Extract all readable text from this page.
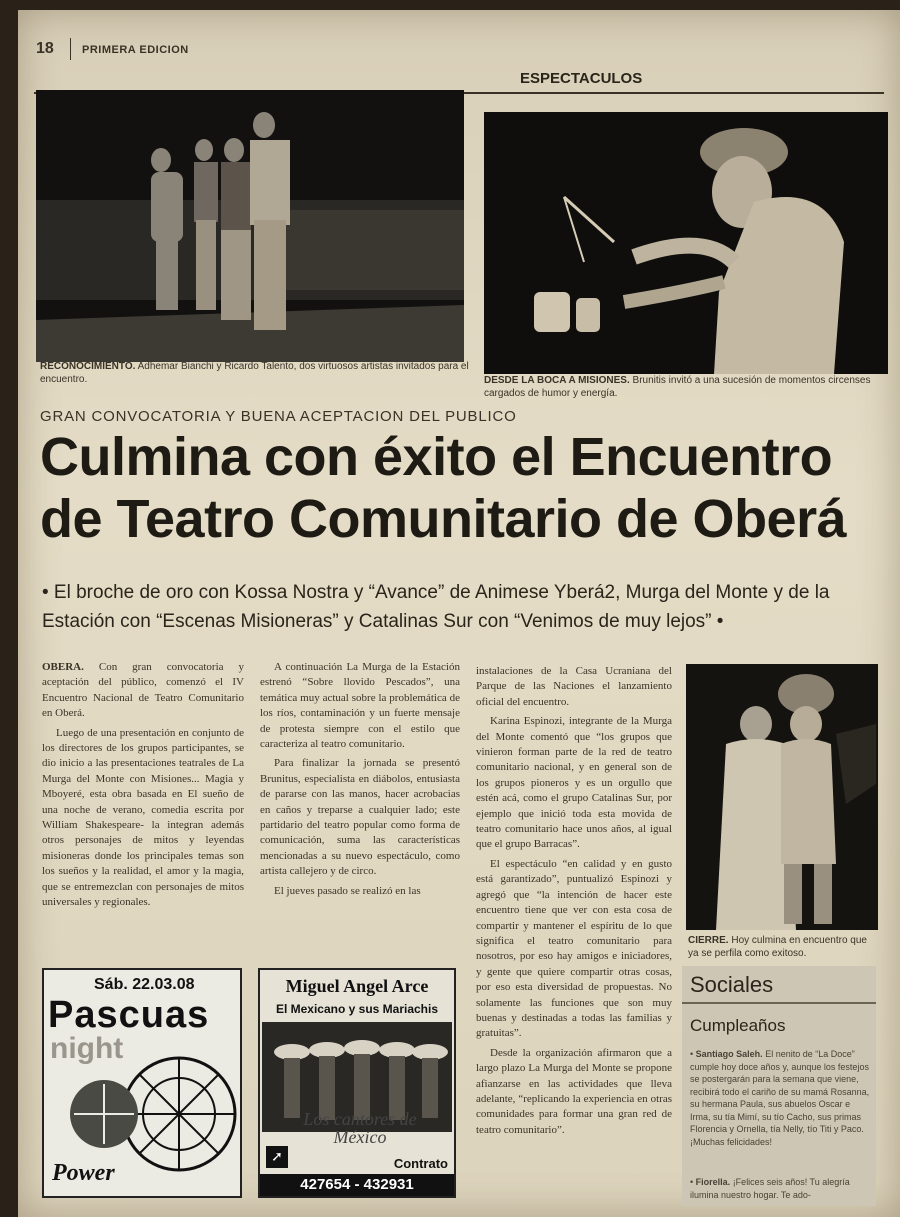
18	PRIMERA EDICION
ESPECTACULOS
RECONOCIMIENTO. Adhemar Bianchi y Ricardo Talento, dos virtuosos artistas invitados para el encuentro.	DESDE LA BOCA A MISIONES. Brunitis invitó a una sucesión de momentos circenses cargados de humor y energía.
GRAN CONVOCATORIA Y BUENA ACEPTACION DEL PUBLICO
Culmina con éxito el Encuentro de Teatro Comunitario de Oberá
• El broche de oro con Kossa Nostra y “Avance” de Animese Yberá2, Murga del Monte y de la Estación con “Escenas Misioneras” y Catalinas Sur con “Venimos de muy lejos” •

OBERA. Con gran convocatoria y aceptación del público, comenzó el IV Encuentro Nacional de Teatro Comunitario en Oberá.

Luego de una presentación en conjunto de los directores de los grupos participantes, se dio inicio a las presentaciones teatrales de La Murga del Monte con Misiones... Magia y Mboyeré, esta obra basada en El sueño de una noche de verano, comedia escrita por William Shakespeare- la integran además otros personajes de mitos y leyendas misioneras donde los principales temas son los sueños y la realidad, el amor y la magia, que se entremezclan con personajes de mitos universales y regionales.

A continuación La Murga de la Estación estrenó “Sobre llovido Pescados”, una temática muy actual sobre la problemática de los ríos, contaminación y un fuerte mensaje de protesta siempre con el estilo que caracteriza al teatro comunitario.

Para finalizar la jornada se presentó Brunitus, especialista en diábolos, entusiasta de pararse con las manos, hacer acrobacias en caños y treparse a cualquier lado; este partidario del teatro popular como forma de comunicación, suma las características mencionadas a su nuevo espectáculo, como artista callejero y de circo.

El jueves pasado se realizó en las

instalaciones de la Casa Ucraniana del Parque de las Naciones el lanzamiento oficial del encuentro.

Karina Espinozi, integrante de la Murga del Monte comentó que “los grupos que vinieron forman parte de la red de teatro comunitario nacional, y en general son de los grupos pioneros y es un orgullo que estén acá, como el grupo Catalinas Sur, por ejemplo que inició toda esta movida de teatro comunitario hace unos años, al igual que el grupo Barracas”.

El espectáculo “en calidad y en gusto está garantizado”, puntualizó Espinozi y agregó que “la intención de hacer este encuentro tiene que ver con esta cosa de compartir y mantener el espíritu de lo que significa el teatro comunitario para nosotros, por eso hay amigos e iniciadores, y gente que quiere compartir otras cosas, por eso esta diversidad de propuestas. No solamente las funciones que son muy buenas y destinadas a todas las familias y gratuitas”.

Desde la organización afirmaron que a largo plazo La Murga del Monte se propone afianzarse en las actividades que lleva adelante, “replicando la experiencia en otras comunidades para formar una gran red de teatro comunitario”.

CIERRE. Hoy culmina en encuentro que ya se perfila como exitoso.
Sáb. 22.03.08
Pascuas
night
Power
Miguel Angel Arce
El Mexicano y sus Mariachis
Los cantores de México
➚	Contrato
427654 - 432931
Sociales
Cumpleaños
• Santiago Saleh. El nenito de “La Doce” cumple hoy doce años y, aunque los festejos se postergarán para la semana que viene, recibirá todo el cariño de su mamá Rosanna, su hermana Paula, sus abuelos Oscar e Irma, su tía Mimí, su tío Cacho, sus primas Florencia y Ornella, tía Nelly, tío Titi y Paco. ¡Muchas felicidades!
• Fiorella. ¡Felices seis años! Tu alegría ilumina nuestro hogar. Te ado-
